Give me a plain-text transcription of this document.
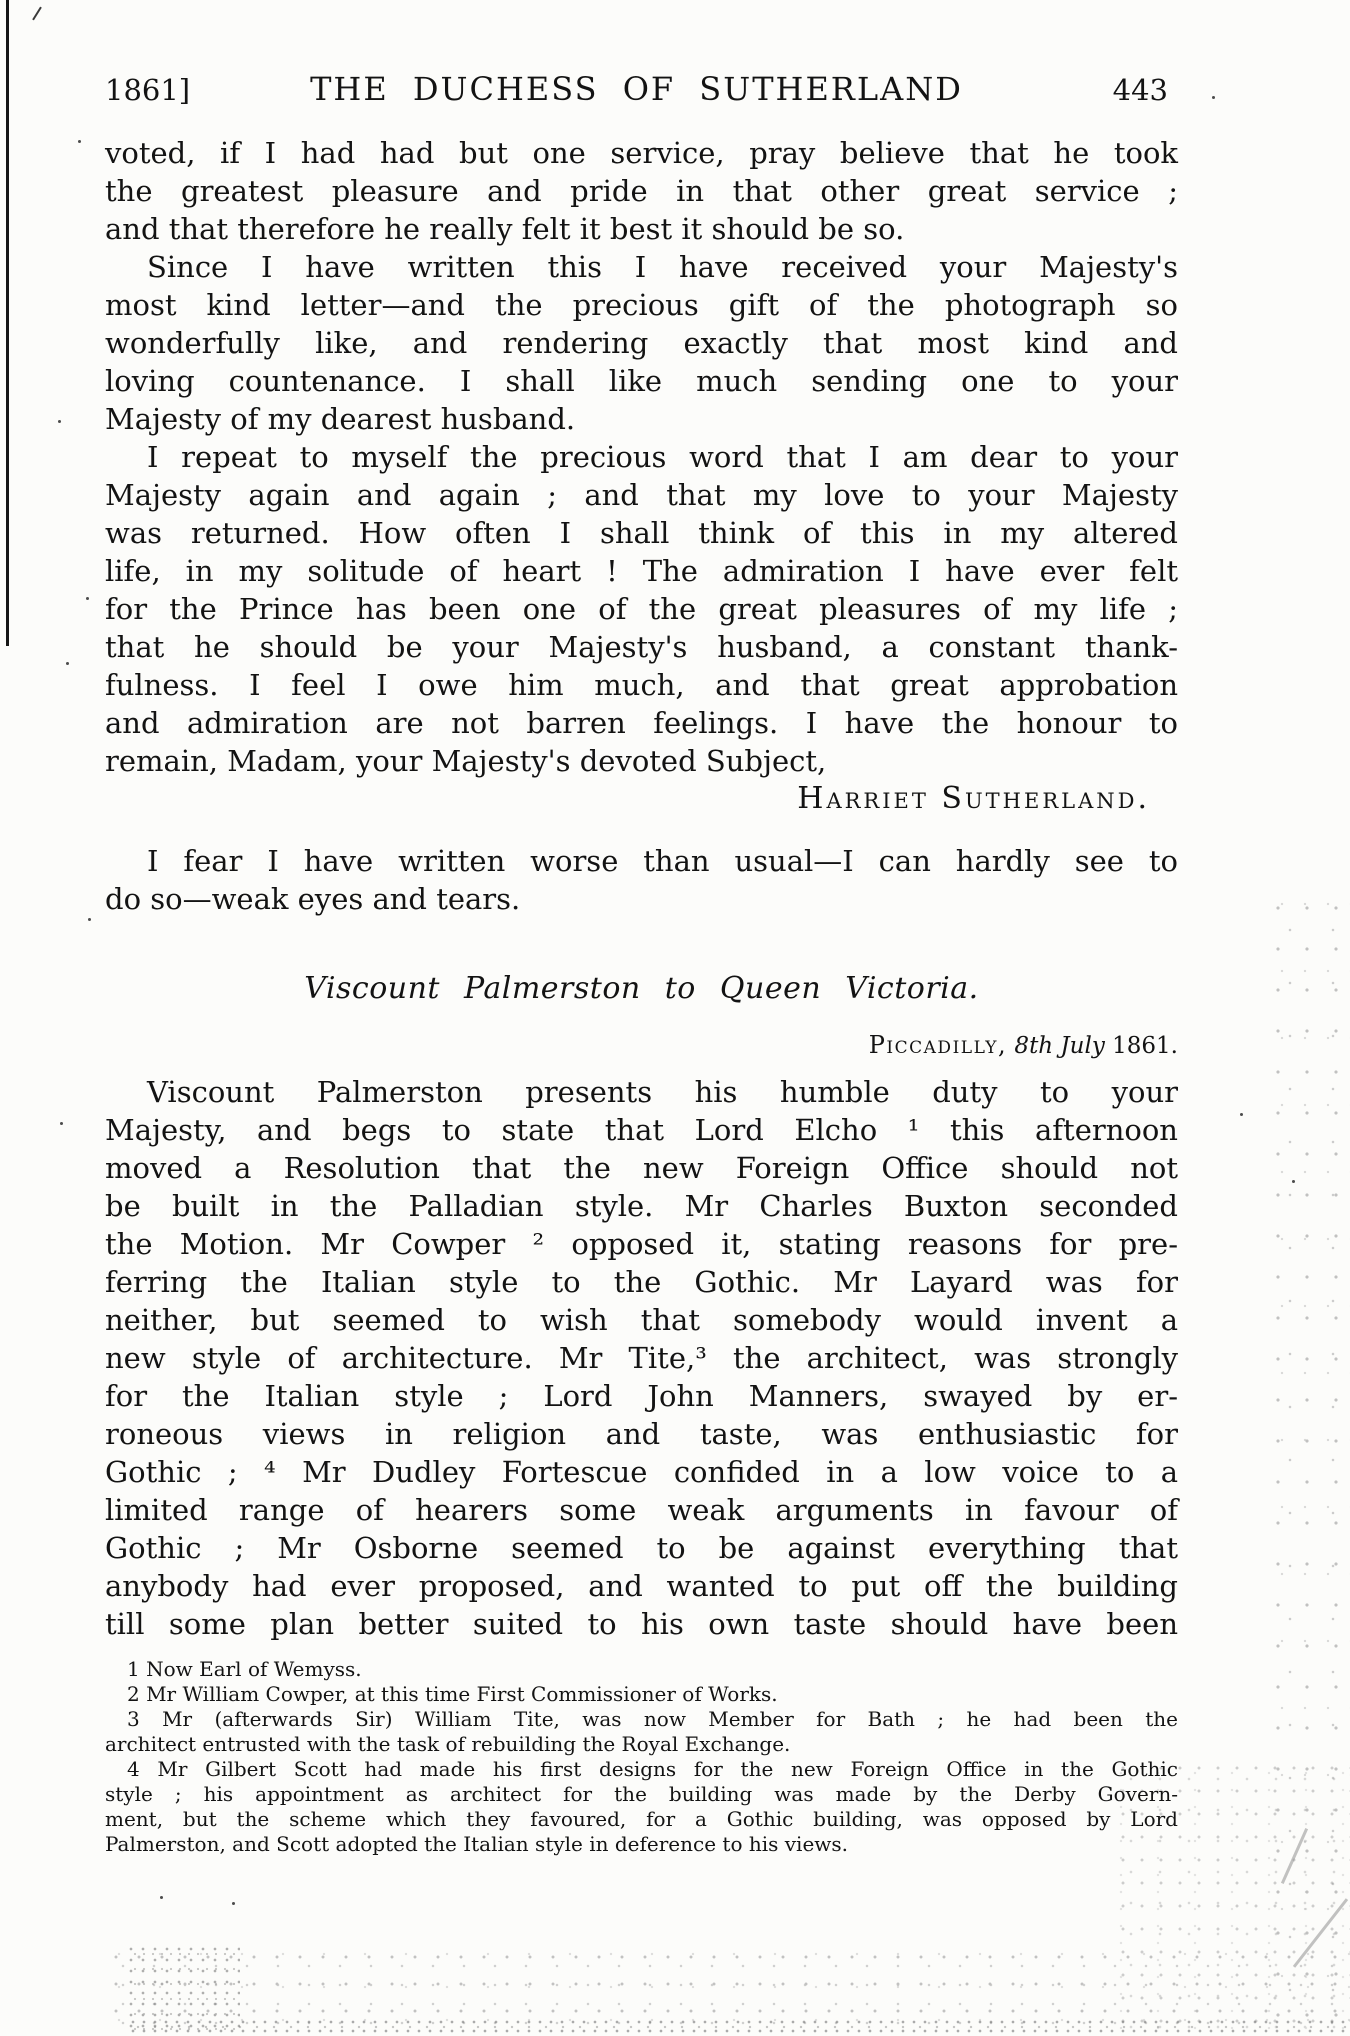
1861]	THE DUCHESS OF SUTHERLAND	443
voted, if I had had but one service, pray believe that he took
the greatest pleasure and pride in that other great service ;
and that therefore he really felt it best it should be so.
Since I have written this I have received your Majesty's
most kind letter—and the precious gift of the photograph so
wonderfully like, and rendering exactly that most kind and
loving countenance. I shall like much sending one to your
Majesty of my dearest husband.
I repeat to myself the precious word that I am dear to your
Majesty again and again ; and that my love to your Majesty
was returned. How often I shall think of this in my altered
life, in my solitude of heart ! The admiration I have ever felt
for the Prince has been one of the great pleasures of my life ;
that he should be your Majesty's husband, a constant thank-
fulness. I feel I owe him much, and that great approbation
and admiration are not barren feelings. I have the honour to
remain, Madam, your Majesty's devoted Subject,
Harriet Sutherland.
I fear I have written worse than usual—I can hardly see to
do so—weak eyes and tears.
Viscount Palmerston to Queen Victoria.
Piccadilly, 8th July 1861.
Viscount Palmerston presents his humble duty to your
Majesty, and begs to state that Lord Elcho ¹ this afternoon
moved a Resolution that the new Foreign Office should not
be built in the Palladian style. Mr Charles Buxton seconded
the Motion. Mr Cowper ² opposed it, stating reasons for pre-
ferring the Italian style to the Gothic. Mr Layard was for
neither, but seemed to wish that somebody would invent a
new style of architecture. Mr Tite,³ the architect, was strongly
for the Italian style ; Lord John Manners, swayed by er-
roneous views in religion and taste, was enthusiastic for
Gothic ; ⁴ Mr Dudley Fortescue confided in a low voice to a
limited range of hearers some weak arguments in favour of
Gothic ; Mr Osborne seemed to be against everything that
anybody had ever proposed, and wanted to put off the building
till some plan better suited to his own taste should have been
1 Now Earl of Wemyss.
2 Mr William Cowper, at this time First Commissioner of Works.
3 Mr (afterwards Sir) William Tite, was now Member for Bath ; he had been the
architect entrusted with the task of rebuilding the Royal Exchange.
4 Mr Gilbert Scott had made his first designs for the new Foreign Office in the Gothic
style ; his appointment as architect for the building was made by the Derby Govern-
ment, but the scheme which they favoured, for a Gothic building, was opposed by Lord
Palmerston, and Scott adopted the Italian style in deference to his views.
